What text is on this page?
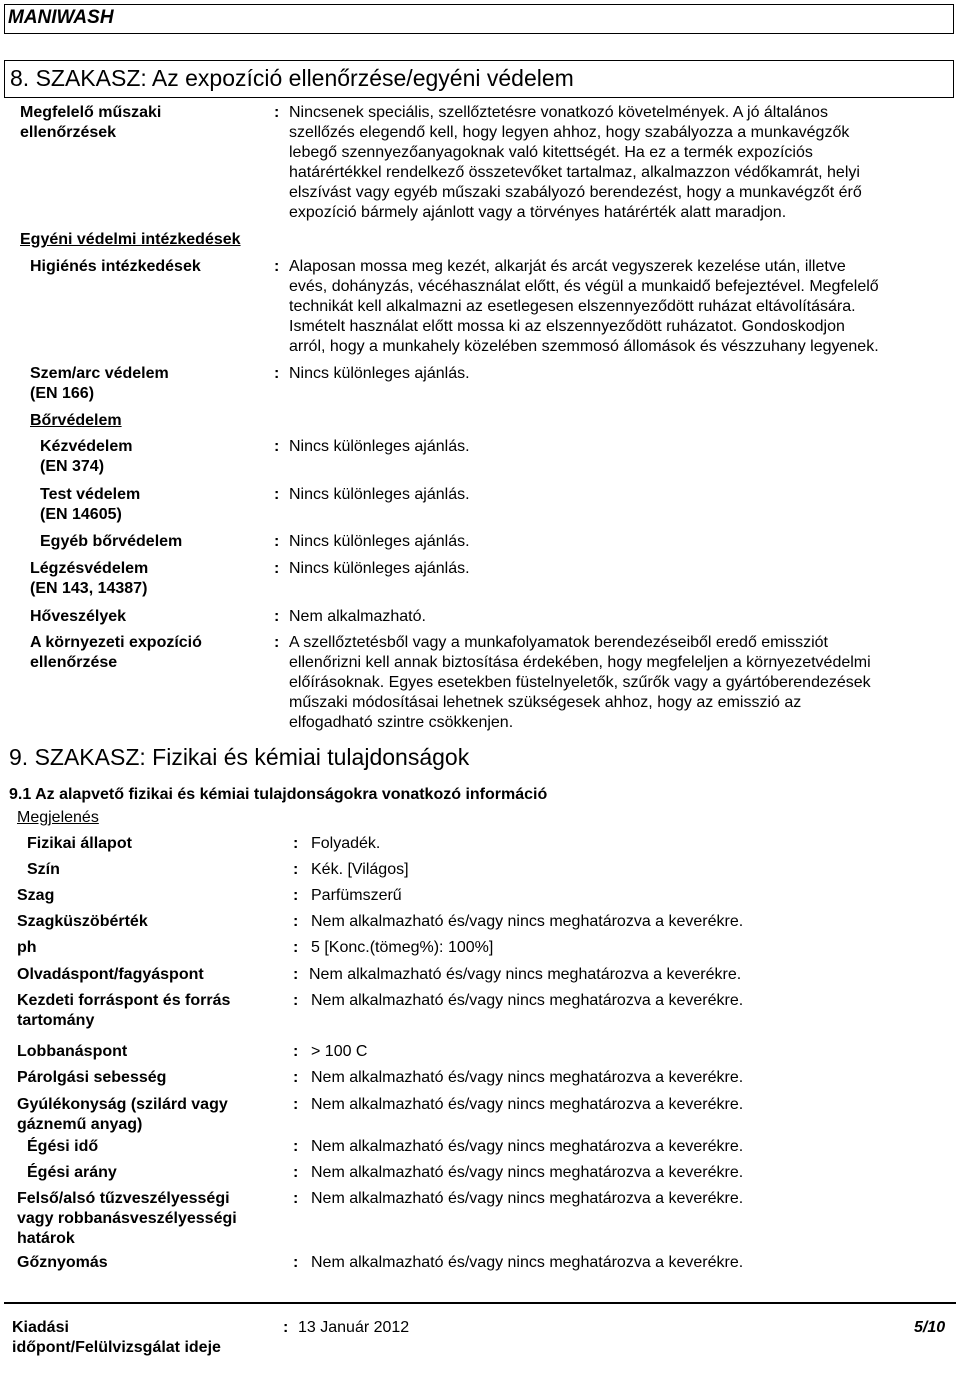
MANIWASH
8. SZAKASZ: Az expozíció ellenőrzése/egyéni védelem
Megfelelő műszaki
ellenőrzések
: Nincsenek speciális, szellőztetésre vonatkozó követelmények. A jó általános
szellőzés elegendő kell, hogy legyen ahhoz, hogy szabályozza a munkavégzők
lebegő szennyezőanyagoknak való kitettségét. Ha ez a termék expozíciós
határértékkel rendelkező összetevőket tartalmaz, alkalmazzon védőkamrát, helyi
elszívást vagy egyéb műszaki szabályozó berendezést, hogy a munkavégzőt érő
expozíció bármely ajánlott vagy a törvényes határérték alatt maradjon.
Egyéni védelmi intézkedések
Higiénés intézkedések	: Alaposan mossa meg kezét, alkarját és arcát vegyszerek kezelése után, illetve
evés, dohányzás, vécéhasználat előtt, és végül a munkaidő befejeztével. Megfelelő
technikát kell alkalmazni az esetlegesen elszennyeződött ruházat eltávolítására.
Ismételt használat előtt mossa ki az elszennyeződött ruházatot. Gondoskodjon
arról, hogy a munkahely közelében szemmosó állomások és vészzuhany legyenek.
Szem/arc védelem
(EN 166)
: Nincs különleges ajánlás.
Bőrvédelem
Kézvédelem
(EN 374)
: Nincs különleges ajánlás.
Test védelem
(EN 14605)
: Nincs különleges ajánlás.
Egyéb bőrvédelem	: Nincs különleges ajánlás.
Légzésvédelem
(EN 143, 14387)
: Nincs különleges ajánlás.
Hőveszélyek	: Nem alkalmazható.
A környezeti expozíció
ellenőrzése
: A szellőztetésből vagy a munkafolyamatok berendezéseiből eredő emissziót
ellenőrizni kell annak biztosítása érdekében, hogy megfeleljen a környezetvédelmi
előírásoknak. Egyes esetekben füstelnyeletők, szűrők vagy a gyártóberendezések
műszaki módosításai lehetnek szükségesek ahhoz, hogy az emisszió az
elfogadható szintre csökkenjen.
9. SZAKASZ: Fizikai és kémiai tulajdonságok
9.1 Az alapvető fizikai és kémiai tulajdonságokra vonatkozó információ
Megjelenés
Fizikai állapot	: Folyadék.
Szín	: Kék. [Világos]
Szag	: Parfümszerű
Szagküszöbérték	: Nem alkalmazható és/vagy nincs meghatározva a keverékre.
ph	: 5 [Konc.(tömeg%): 100%]
Olvadáspont/fagyáspont	: Nem alkalmazható és/vagy nincs meghatározva a keverékre.
Kezdeti forráspont és forrás
tartomány
: Nem alkalmazható és/vagy nincs meghatározva a keverékre.
Lobbanáspont	: > 100 C
Párolgási sebesség	: Nem alkalmazható és/vagy nincs meghatározva a keverékre.
Gyúlékonyság (szilárd vagy
gáznemű anyag)
: Nem alkalmazható és/vagy nincs meghatározva a keverékre.
Égési idő	: Nem alkalmazható és/vagy nincs meghatározva a keverékre.
Égési arány	: Nem alkalmazható és/vagy nincs meghatározva a keverékre.
Felső/alsó tűzveszélyességi
vagy robbanásveszélyességi
határok
: Nem alkalmazható és/vagy nincs meghatározva a keverékre.
Gőznyomás	: Nem alkalmazható és/vagy nincs meghatározva a keverékre.
Kiadási
időpont/Felülvizsgálat ideje
: 13 Január 2012	5/10
